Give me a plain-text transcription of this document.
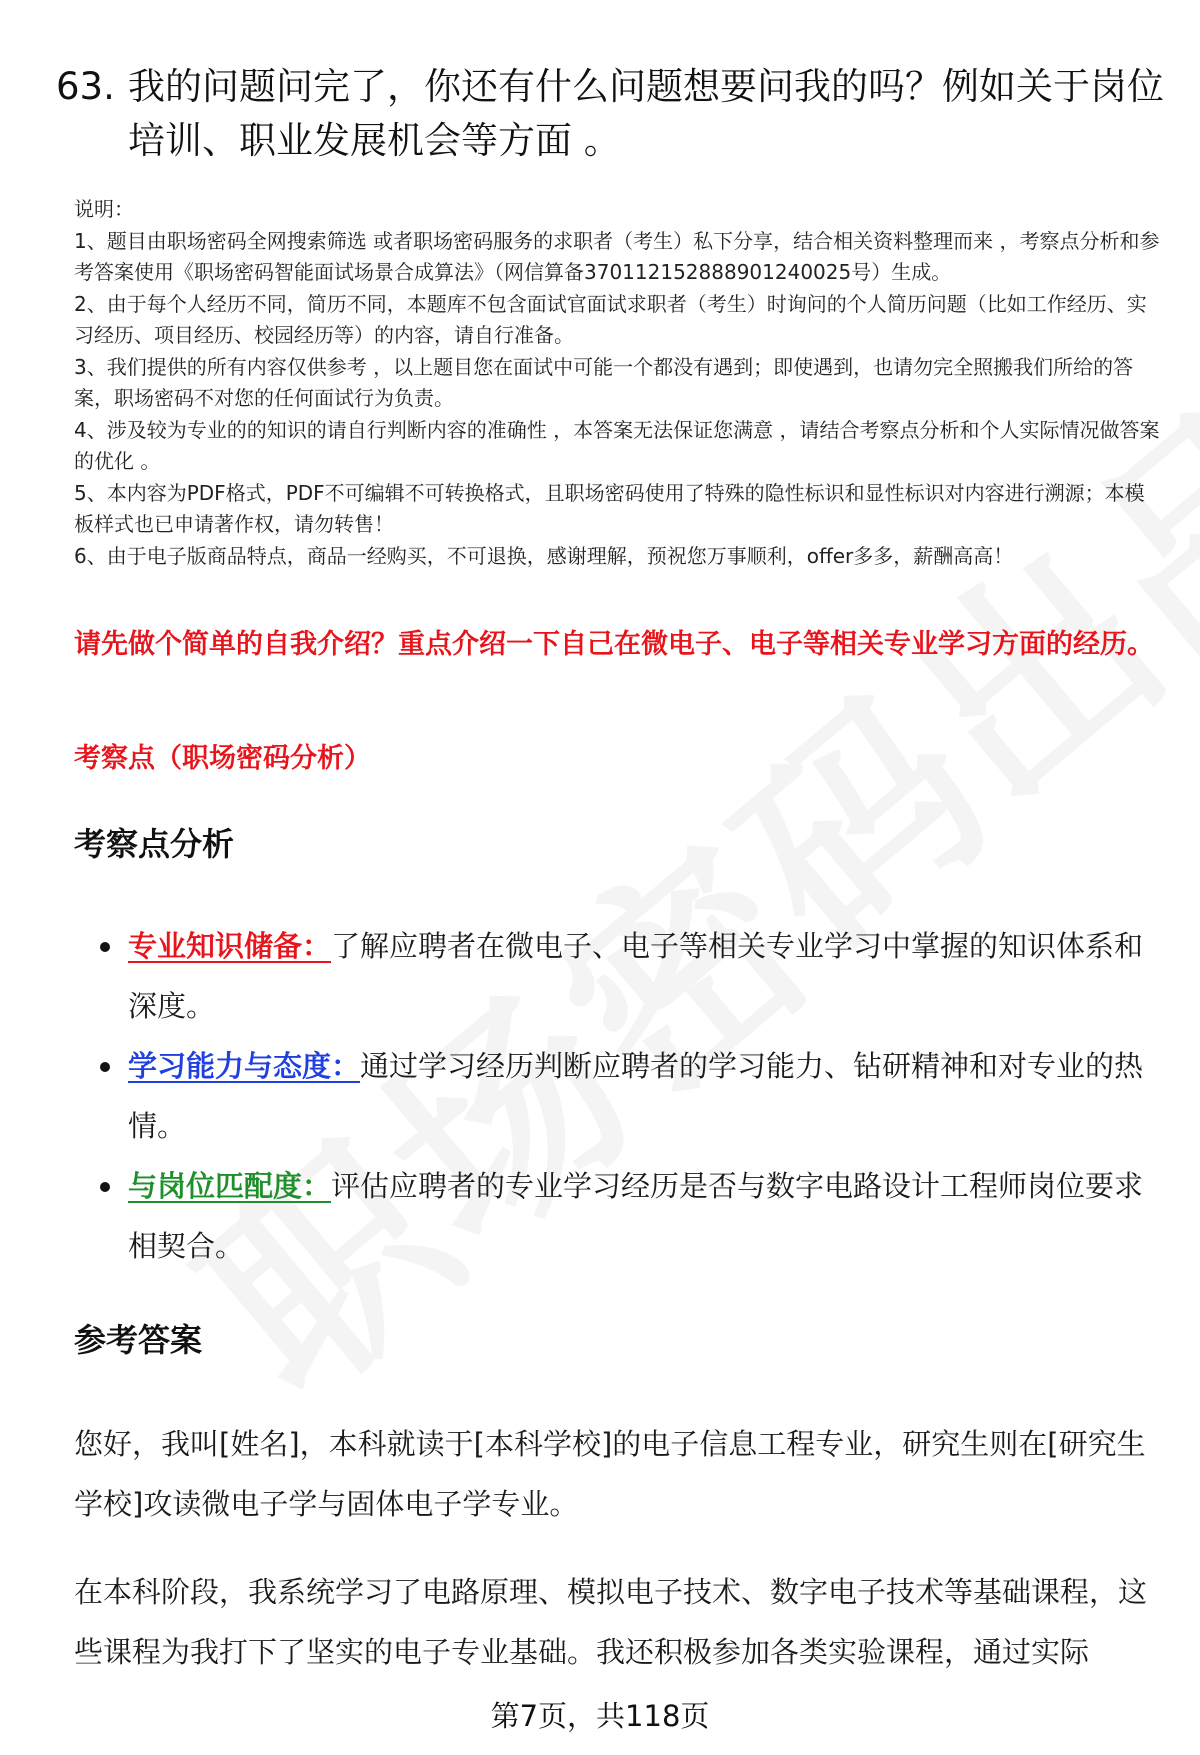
63. 我的问题问完了，你还有什么问题想要问我的吗？例如关于岗位培训、职业发展机会等方面 。

说明：

1、题目由职场密码全网搜索筛选 或者职场密码服务的求职者（考生）私下分享，结合相关资料整理而来 ，考察点分析和参考答案使用《职场密码智能面试场景合成算法》（网信算备370112152888901240025号）生成。

2、由于每个人经历不同，简历不同，本题库不包含面试官面试求职者（考生）时询问的个人简历问题（比如工作经历、实习经历、项目经历、校园经历等）的内容，请自行准备。

3、我们提供的所有内容仅供参考 ，以上题目您在面试中可能一个都没有遇到；即使遇到，也请勿完全照搬我们所给的答案，职场密码不对您的任何面试行为负责。

4、涉及较为专业的的知识的请自行判断内容的准确性 ，本答案无法保证您满意 ，请结合考察点分析和个人实际情况做答案的优化 。

5、本内容为PDF格式，PDF不可编辑不可转换格式，且职场密码使用了特殊的隐性标识和显性标识对内容进行溯源；本模板样式也已申请著作权，请勿转售！

6、由于电子版商品特点，商品一经购买，不可退换，感谢理解，预祝您万事顺利，offer多多，薪酬高高！

请先做个简单的自我介绍？重点介绍一下自己在微电子、电子等相关专业学习方面的经历。
考察点（职场密码分析）
考察点分析
专业知识储备：了解应聘者在微电子、电子等相关专业学习中掌握的知识体系和深度。
学习能力与态度：通过学习经历判断应聘者的学习能力、钻研精神和对专业的热情。
与岗位匹配度：评估应聘者的专业学习经历是否与数字电路设计工程师岗位要求相契合。
参考答案

您好，我叫[姓名]，本科就读于[本科学校]的电子信息工程专业，研究生则在[研究生学校]攻读微电子学与固体电子学专业。

在本科阶段，我系统学习了电路原理、模拟电子技术、数字电子技术等基础课程，这些课程为我打下了坚实的电子专业基础。我还积极参加各类实验课程，通过实际

第7页，共118页
